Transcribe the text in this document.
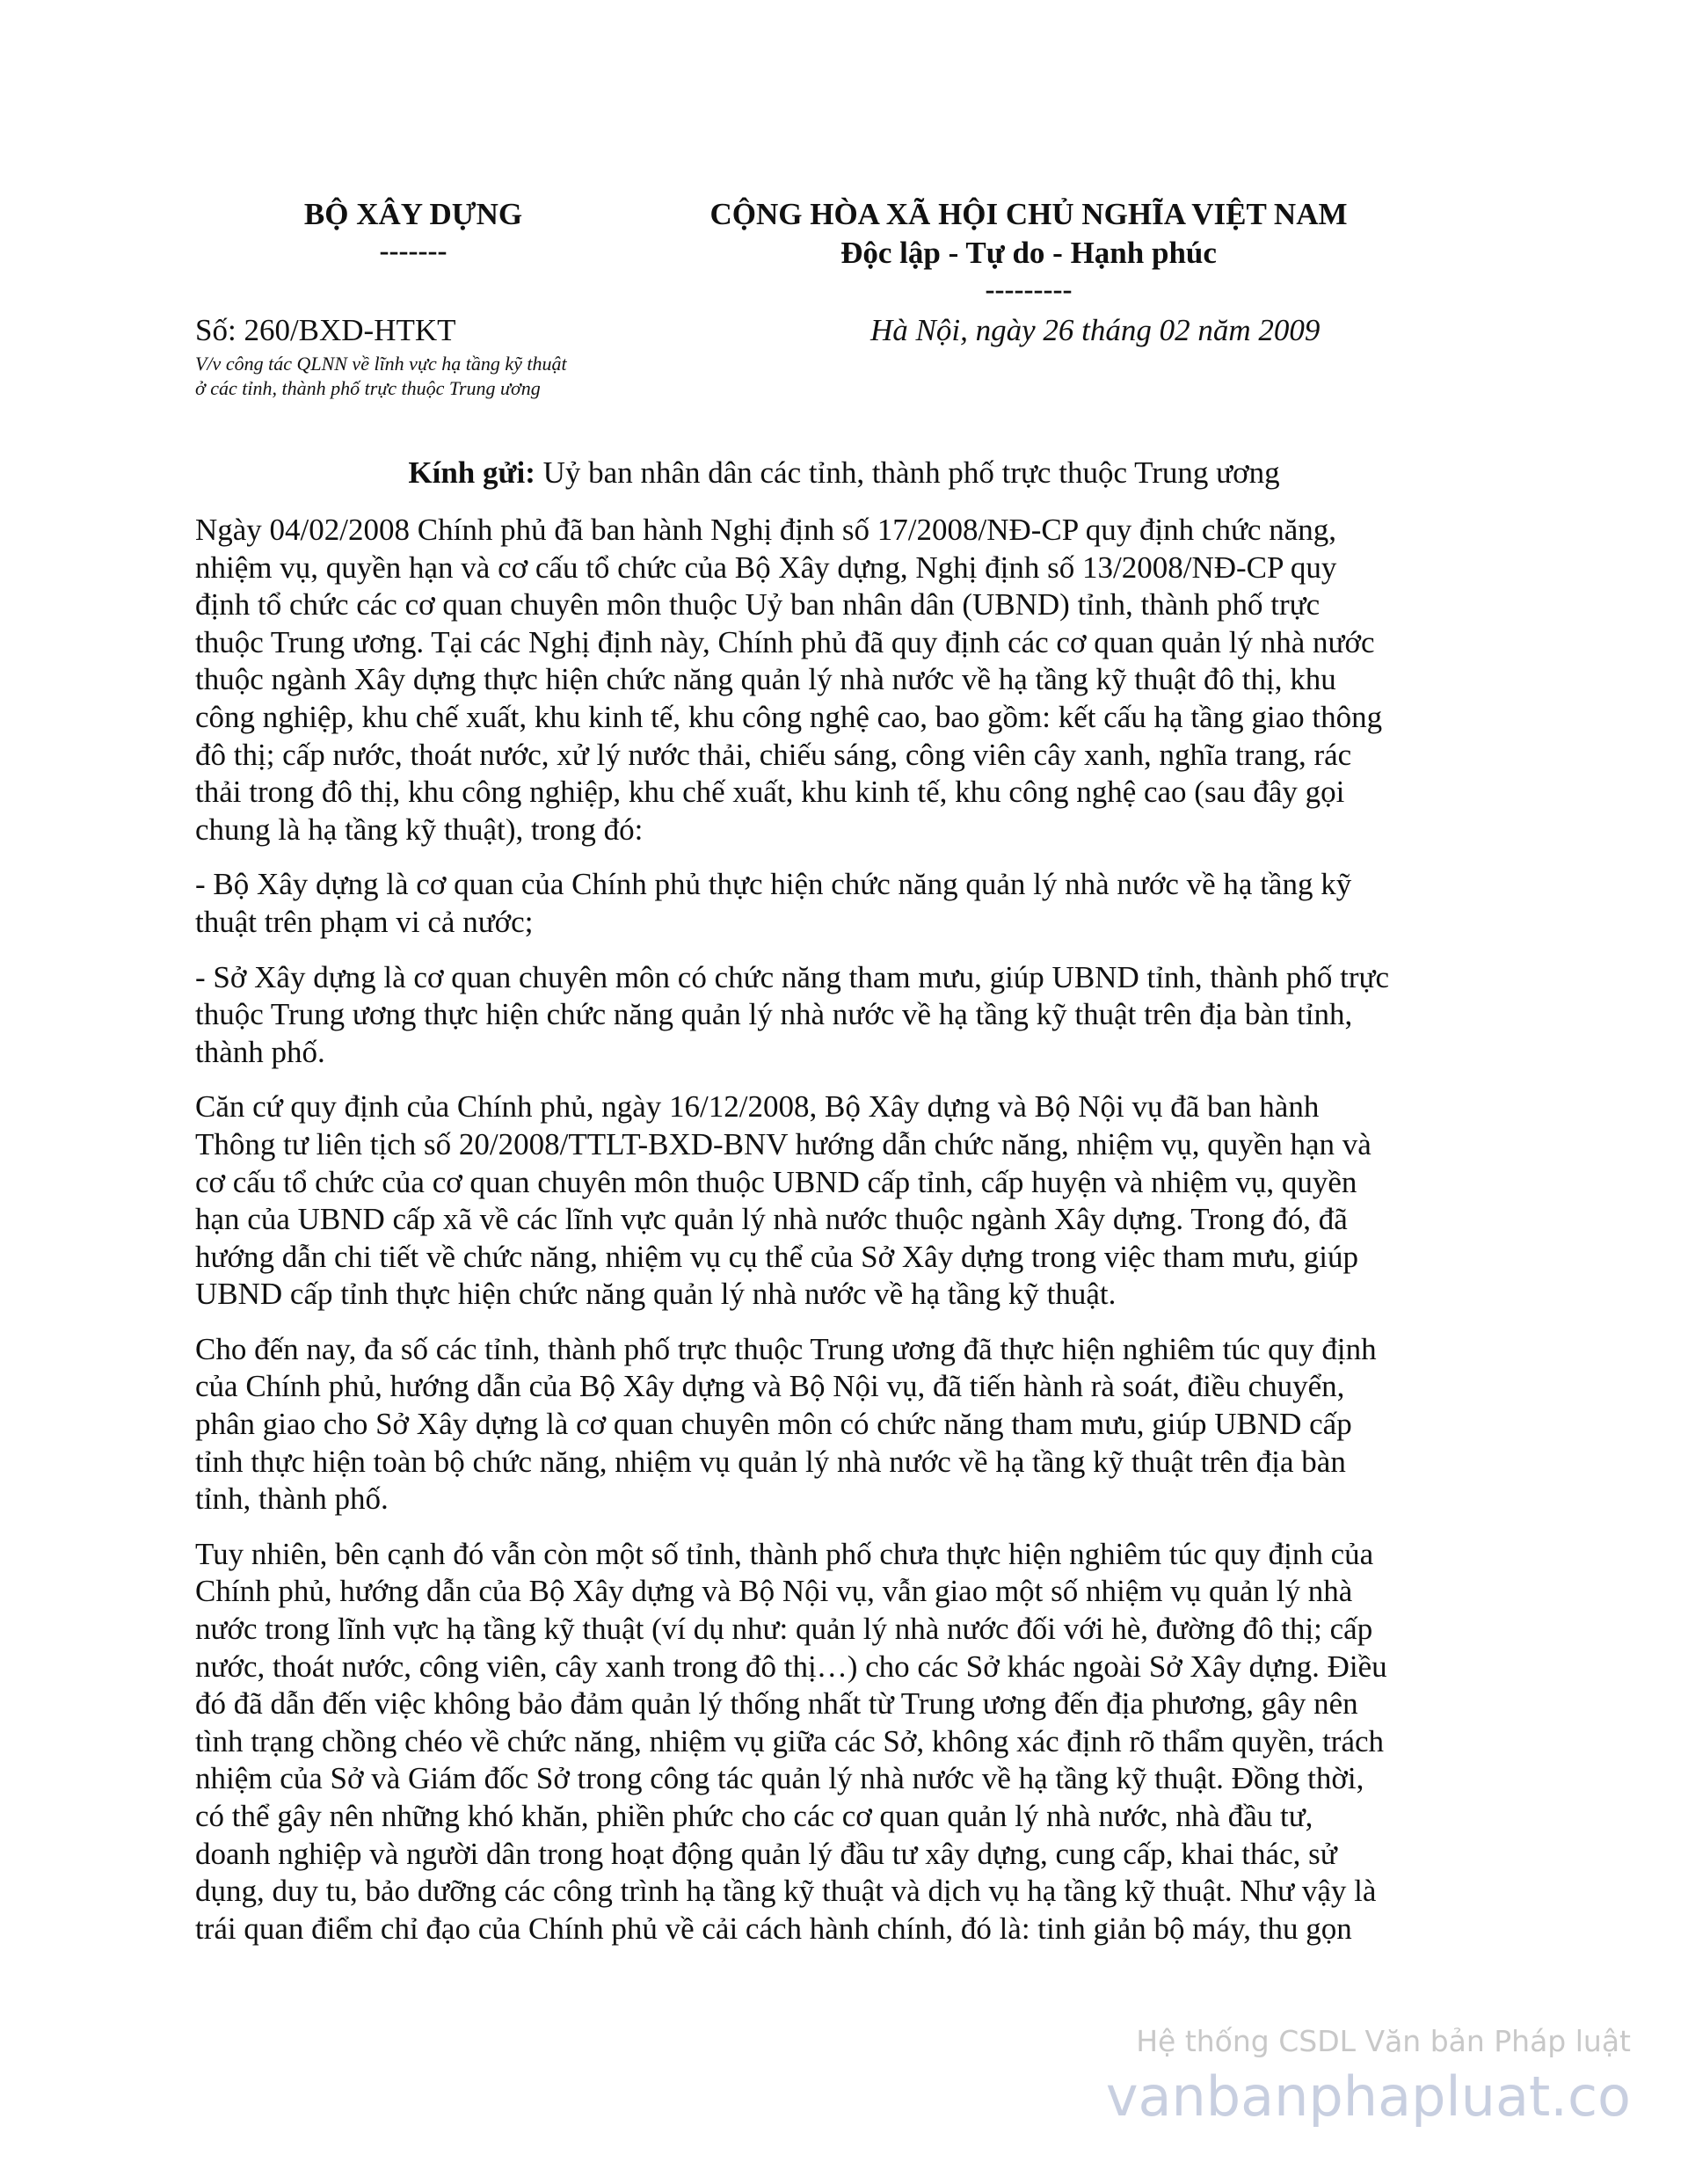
BỘ XÂY DỰNG
-------
CỘNG HÒA XÃ HỘI CHỦ NGHĨA VIỆT NAM
Độc lập - Tự do - Hạnh phúc
---------
Số: 260/BXD-HTKT	Hà Nội, ngày 26 tháng 02 năm 2009
V/v công tác QLNN về lĩnh vực hạ tầng kỹ thuật
ở các tỉnh, thành phố trực thuộc Trung ương
Kính gửi: Uỷ ban nhân dân các tỉnh, thành phố trực thuộc Trung ương
Ngày 04/02/2008 Chính phủ đã ban hành Nghị định số 17/2008/NĐ-CP quy định chức năng,
nhiệm vụ, quyền hạn và cơ cấu tổ chức của Bộ Xây dựng, Nghị định số 13/2008/NĐ-CP quy
định tổ chức các cơ quan chuyên môn thuộc Uỷ ban nhân dân (UBND) tỉnh, thành phố trực
thuộc Trung ương. Tại các Nghị định này, Chính phủ đã quy định các cơ quan quản lý nhà nước
thuộc ngành Xây dựng thực hiện chức năng quản lý nhà nước về hạ tầng kỹ thuật đô thị, khu
công nghiệp, khu chế xuất, khu kinh tế, khu công nghệ cao, bao gồm: kết cấu hạ tầng giao thông
đô thị; cấp nước, thoát nước, xử lý nước thải, chiếu sáng, công viên cây xanh, nghĩa trang, rác
thải trong đô thị, khu công nghiệp, khu chế xuất, khu kinh tế, khu công nghệ cao (sau đây gọi
chung là hạ tầng kỹ thuật), trong đó:
- Bộ Xây dựng là cơ quan của Chính phủ thực hiện chức năng quản lý nhà nước về hạ tầng kỹ
thuật trên phạm vi cả nước;
- Sở Xây dựng là cơ quan chuyên môn có chức năng tham mưu, giúp UBND tỉnh, thành phố trực
thuộc Trung ương thực hiện chức năng quản lý nhà nước về hạ tầng kỹ thuật trên địa bàn tỉnh,
thành phố.
Căn cứ quy định của Chính phủ, ngày 16/12/2008, Bộ Xây dựng và Bộ Nội vụ đã ban hành
Thông tư liên tịch số 20/2008/TTLT-BXD-BNV hướng dẫn chức năng, nhiệm vụ, quyền hạn và
cơ cấu tổ chức của cơ quan chuyên môn thuộc UBND cấp tỉnh, cấp huyện và nhiệm vụ, quyền
hạn của UBND cấp xã về các lĩnh vực quản lý nhà nước thuộc ngành Xây dựng. Trong đó, đã
hướng dẫn chi tiết về chức năng, nhiệm vụ cụ thể của Sở Xây dựng trong việc tham mưu, giúp
UBND cấp tỉnh thực hiện chức năng quản lý nhà nước về hạ tầng kỹ thuật.
Cho đến nay, đa số các tỉnh, thành phố trực thuộc Trung ương đã thực hiện nghiêm túc quy định
của Chính phủ, hướng dẫn của Bộ Xây dựng và Bộ Nội vụ, đã tiến hành rà soát, điều chuyển,
phân giao cho Sở Xây dựng là cơ quan chuyên môn có chức năng tham mưu, giúp UBND cấp
tỉnh thực hiện toàn bộ chức năng, nhiệm vụ quản lý nhà nước về hạ tầng kỹ thuật trên địa bàn
tỉnh, thành phố.
Tuy nhiên, bên cạnh đó vẫn còn một số tỉnh, thành phố chưa thực hiện nghiêm túc quy định của
Chính phủ, hướng dẫn của Bộ Xây dựng và Bộ Nội vụ, vẫn giao một số nhiệm vụ quản lý nhà
nước trong lĩnh vực hạ tầng kỹ thuật (ví dụ như: quản lý nhà nước đối với hè, đường đô thị; cấp
nước, thoát nước, công viên, cây xanh trong đô thị…) cho các Sở khác ngoài Sở Xây dựng. Điều
đó đã dẫn đến việc không bảo đảm quản lý thống nhất từ Trung ương đến địa phương, gây nên
tình trạng chồng chéo về chức năng, nhiệm vụ giữa các Sở, không xác định rõ thẩm quyền, trách
nhiệm của Sở và Giám đốc Sở trong công tác quản lý nhà nước về hạ tầng kỹ thuật. Đồng thời,
có thể gây nên những khó khăn, phiền phức cho các cơ quan quản lý nhà nước, nhà đầu tư,
doanh nghiệp và người dân trong hoạt động quản lý đầu tư xây dựng, cung cấp, khai thác, sử
dụng, duy tu, bảo dưỡng các công trình hạ tầng kỹ thuật và dịch vụ hạ tầng kỹ thuật. Như vậy là
trái quan điểm chỉ đạo của Chính phủ về cải cách hành chính, đó là: tinh giản bộ máy, thu gọn
Hệ thống CSDL Văn bản Pháp luật
vanbanphapluat.co
